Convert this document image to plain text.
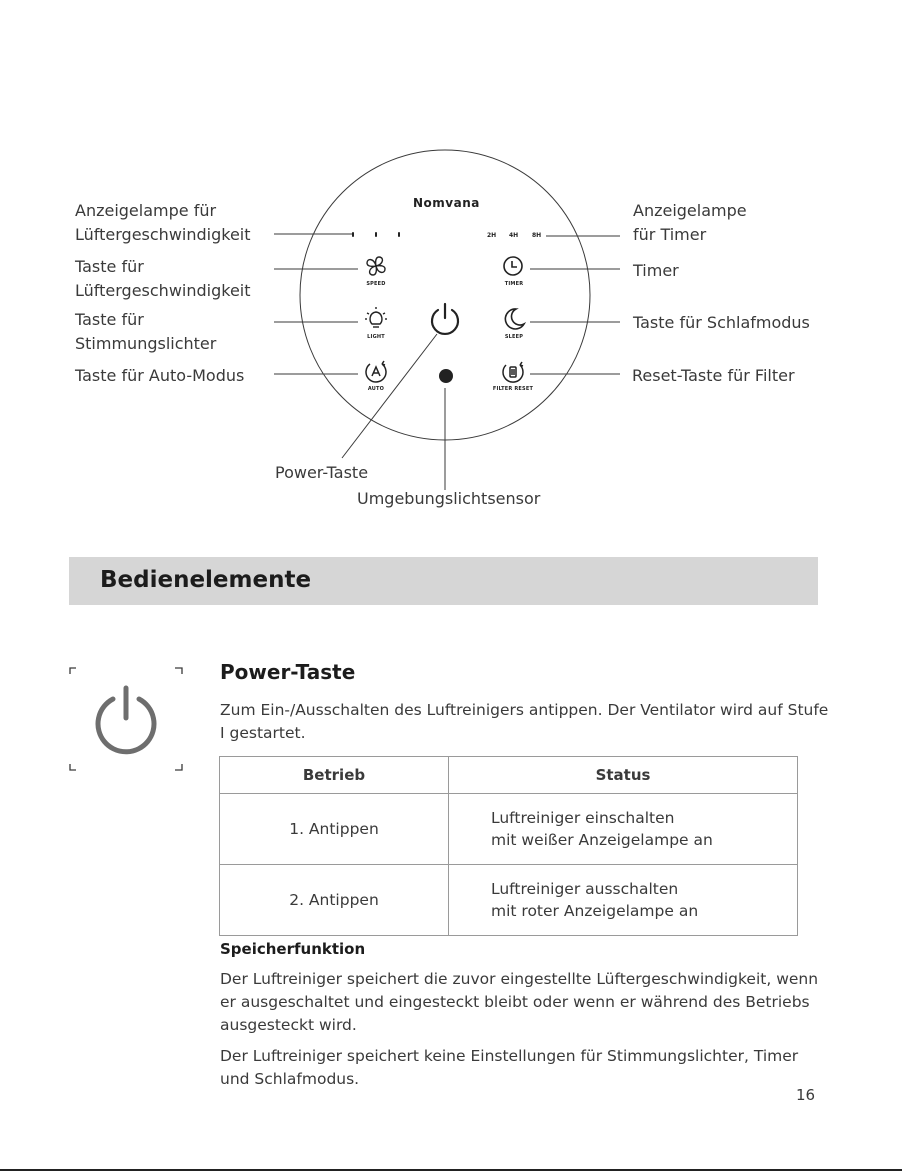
Nomvana
2H 4H 8H
SPEED	TIMER
LIGHT	SLEEP
AUTO	FILTER RESET
Anzeigelampe für Lüftergeschwindigkeit
Taste für Lüftergeschwindigkeit
Taste für Stimmungslichter
Taste für Auto-Modus
Anzeigelampe für Timer
Timer
Taste für Schlafmodus
Reset-Taste für Filter
Power-Taste
Umgebungslichtsensor
Bedienelemente
Power-Taste
Zum Ein-/Ausschalten des Luftreinigers antippen. Der Ventilator wird auf Stufe I gestartet.
Betrieb	Status
1. Antippen	Luftreiniger einschalten
mit weißer Anzeigelampe an

2. Antippen	Luftreiniger ausschalten
mit roter Anzeigelampe an
Speicherfunktion
Der Luftreiniger speichert die zuvor eingestellte Lüftergeschwindigkeit, wenn er ausgeschaltet und eingesteckt bleibt oder wenn er während des Betriebs ausgesteckt wird.
Der Luftreiniger speichert keine Einstellungen für Stimmungslichter, Timer und Schlafmodus.
16
